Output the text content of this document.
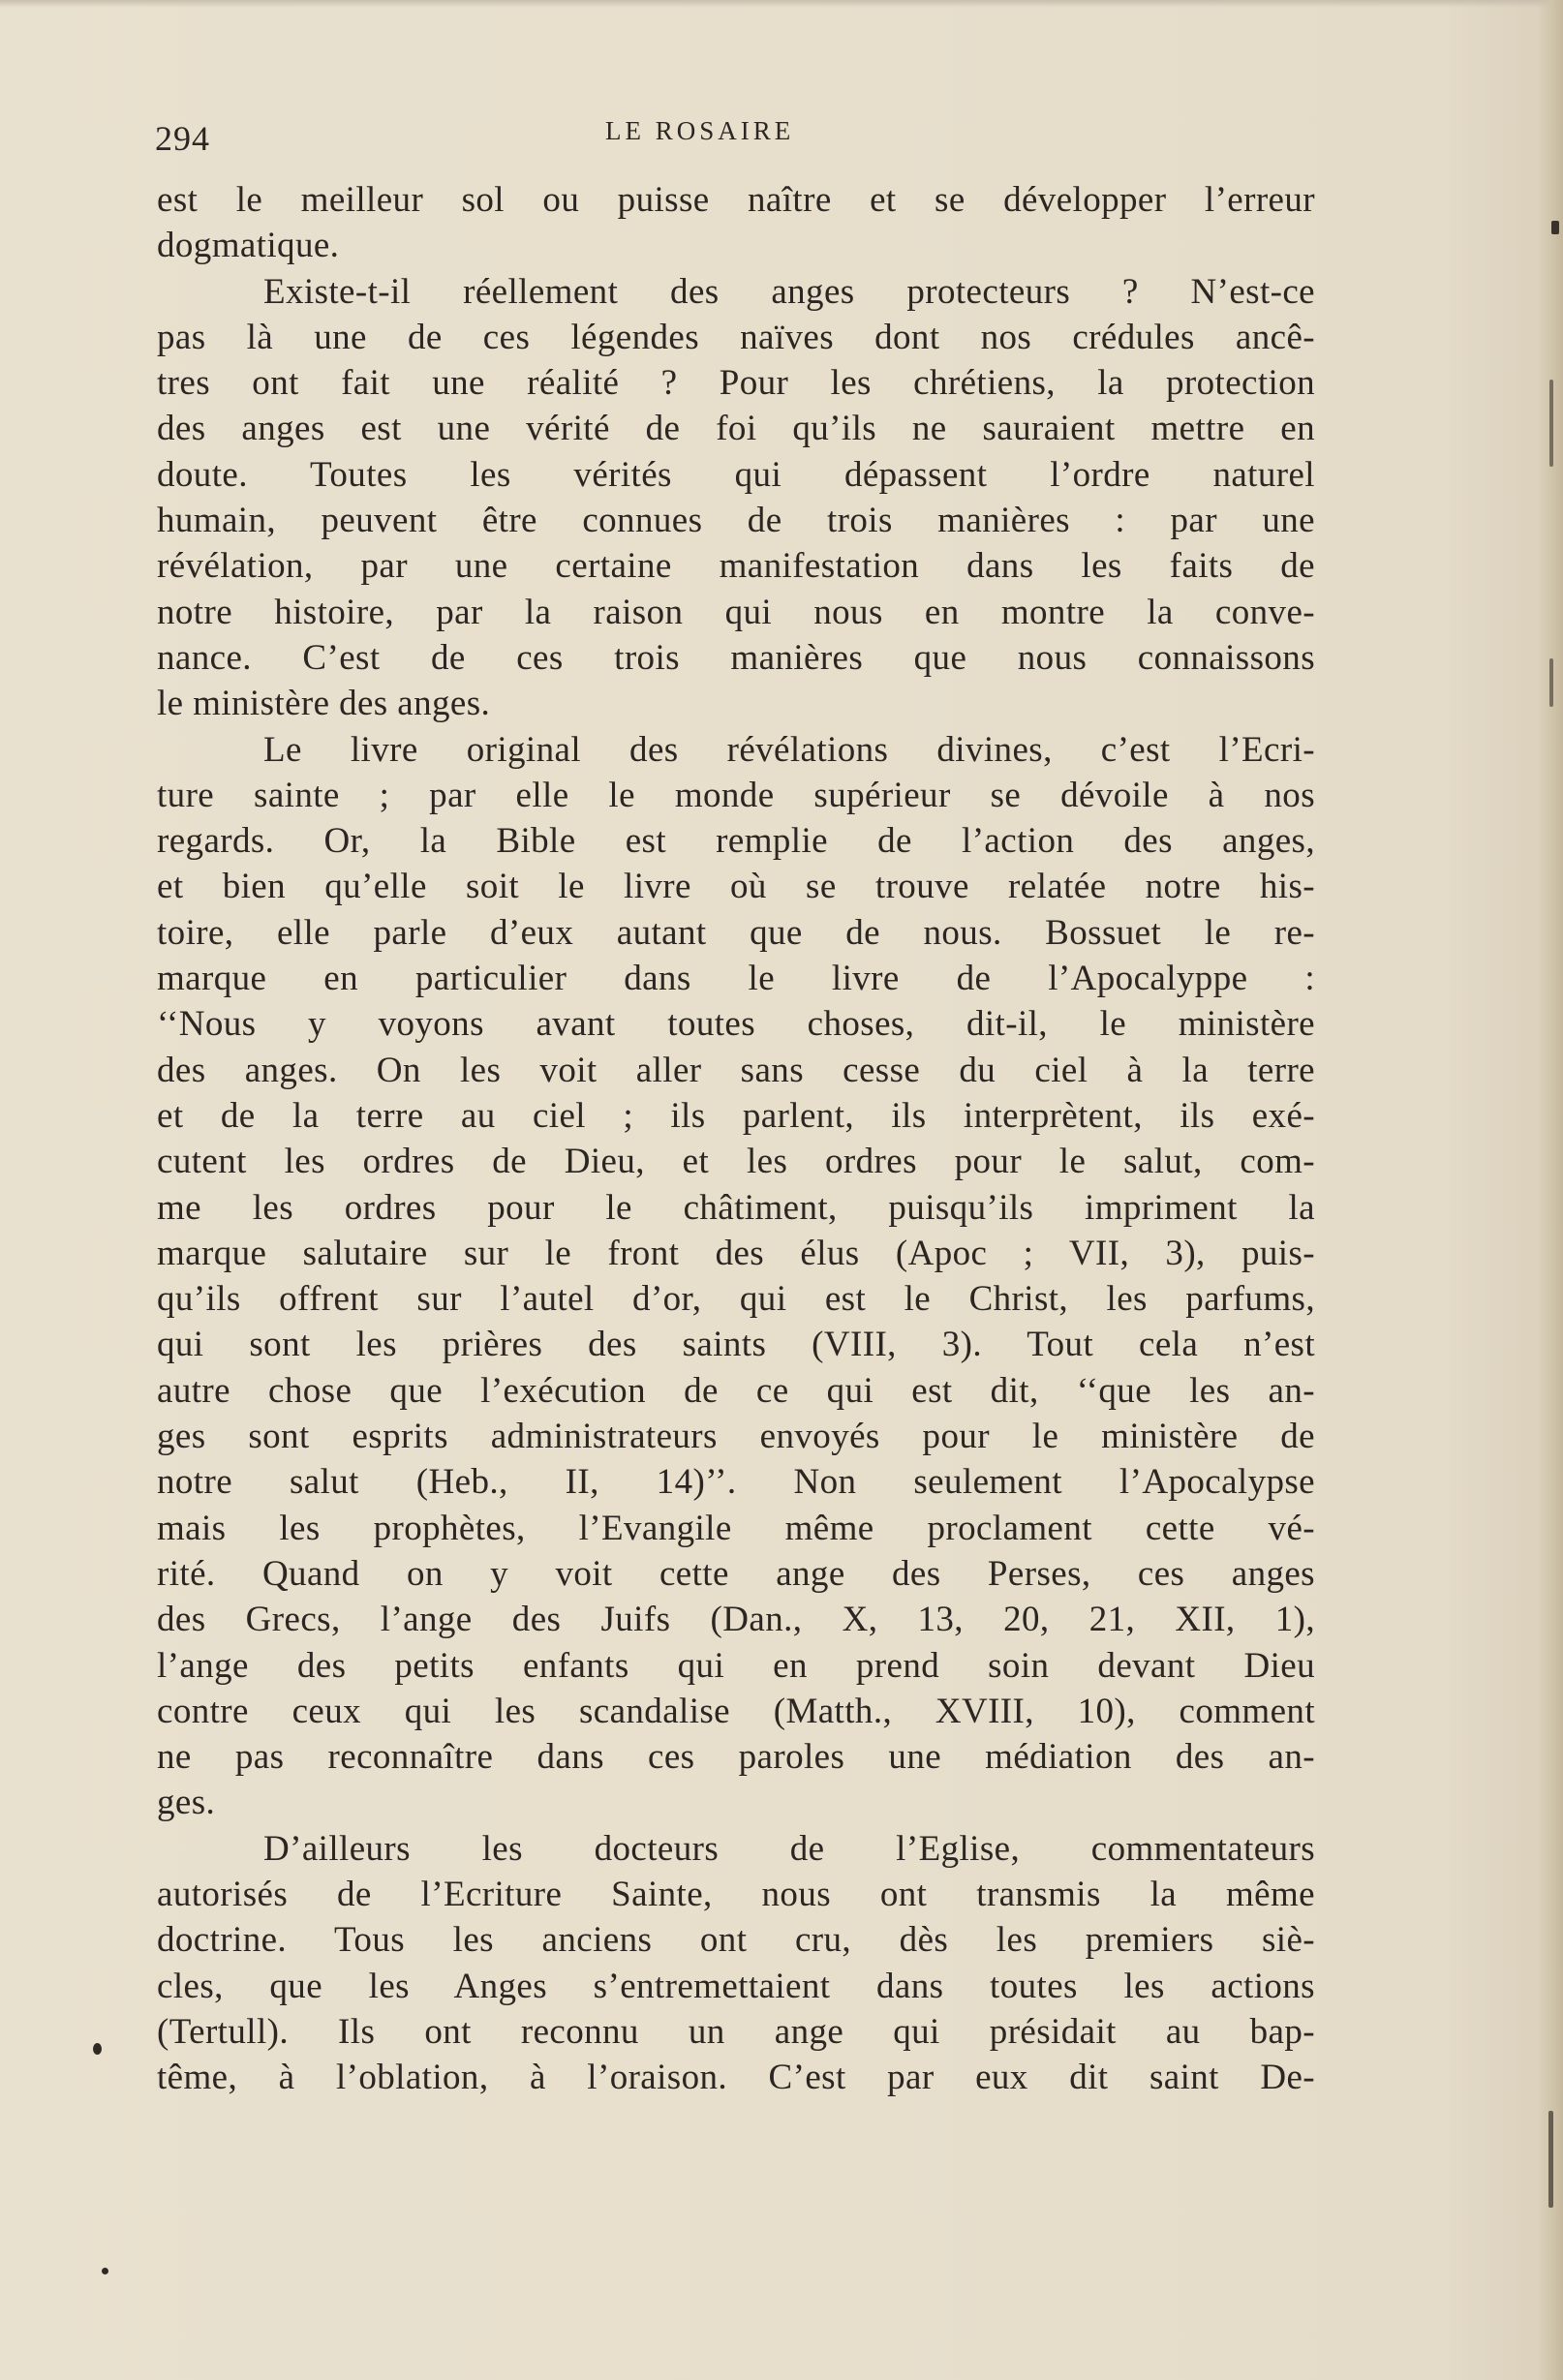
294	LE ROSAIRE
est le meilleur sol ou puisse naître et se développer l’erreur
dogmatique.
Existe-t-il réellement des anges protecteurs ? N’est-ce
pas là une de ces légendes naïves dont nos crédules ancê-
tres ont fait une réalité ? Pour les chrétiens, la protection
des anges est une vérité de foi qu’ils ne sauraient mettre en
doute. Toutes les vérités qui dépassent l’ordre naturel
humain, peuvent être connues de trois manières : par une
révélation, par une certaine manifestation dans les faits de
notre histoire, par la raison qui nous en montre la conve-
nance. C’est de ces trois manières que nous connaissons
le ministère des anges.
Le livre original des révélations divines, c’est l’Ecri-
ture sainte ; par elle le monde supérieur se dévoile à nos
regards. Or, la Bible est remplie de l’action des anges,
et bien qu’elle soit le livre où se trouve relatée notre his-
toire, elle parle d’eux autant que de nous. Bossuet le re-
marque en particulier dans le livre de l’Apocalyppe :
‘‘Nous y voyons avant toutes choses, dit-il, le ministère
des anges. On les voit aller sans cesse du ciel à la terre
et de la terre au ciel ; ils parlent, ils interprètent, ils exé-
cutent les ordres de Dieu, et les ordres pour le salut, com-
me les ordres pour le châtiment, puisqu’ils impriment la
marque salutaire sur le front des élus (Apoc ; VII, 3), puis-
qu’ils offrent sur l’autel d’or, qui est le Christ, les parfums,
qui sont les prières des saints (VIII, 3). Tout cela n’est
autre chose que l’exécution de ce qui est dit, ‘‘que les an-
ges sont esprits administrateurs envoyés pour le ministère de
notre salut (Heb., II, 14)’’. Non seulement l’Apocalypse
mais les prophètes, l’Evangile même proclament cette vé-
rité. Quand on y voit cette ange des Perses, ces anges
des Grecs, l’ange des Juifs (Dan., X, 13, 20, 21, XII, 1),
l’ange des petits enfants qui en prend soin devant Dieu
contre ceux qui les scandalise (Matth., XVIII, 10), comment
ne pas reconnaître dans ces paroles une médiation des an-
ges.
D’ailleurs les docteurs de l’Eglise, commentateurs
autorisés de l’Ecriture Sainte, nous ont transmis la même
doctrine. Tous les anciens ont cru, dès les premiers siè-
cles, que les Anges s’entremettaient dans toutes les actions
(Tertull). Ils ont reconnu un ange qui présidait au bap-
tême, à l’oblation, à l’oraison. C’est par eux dit saint De-
